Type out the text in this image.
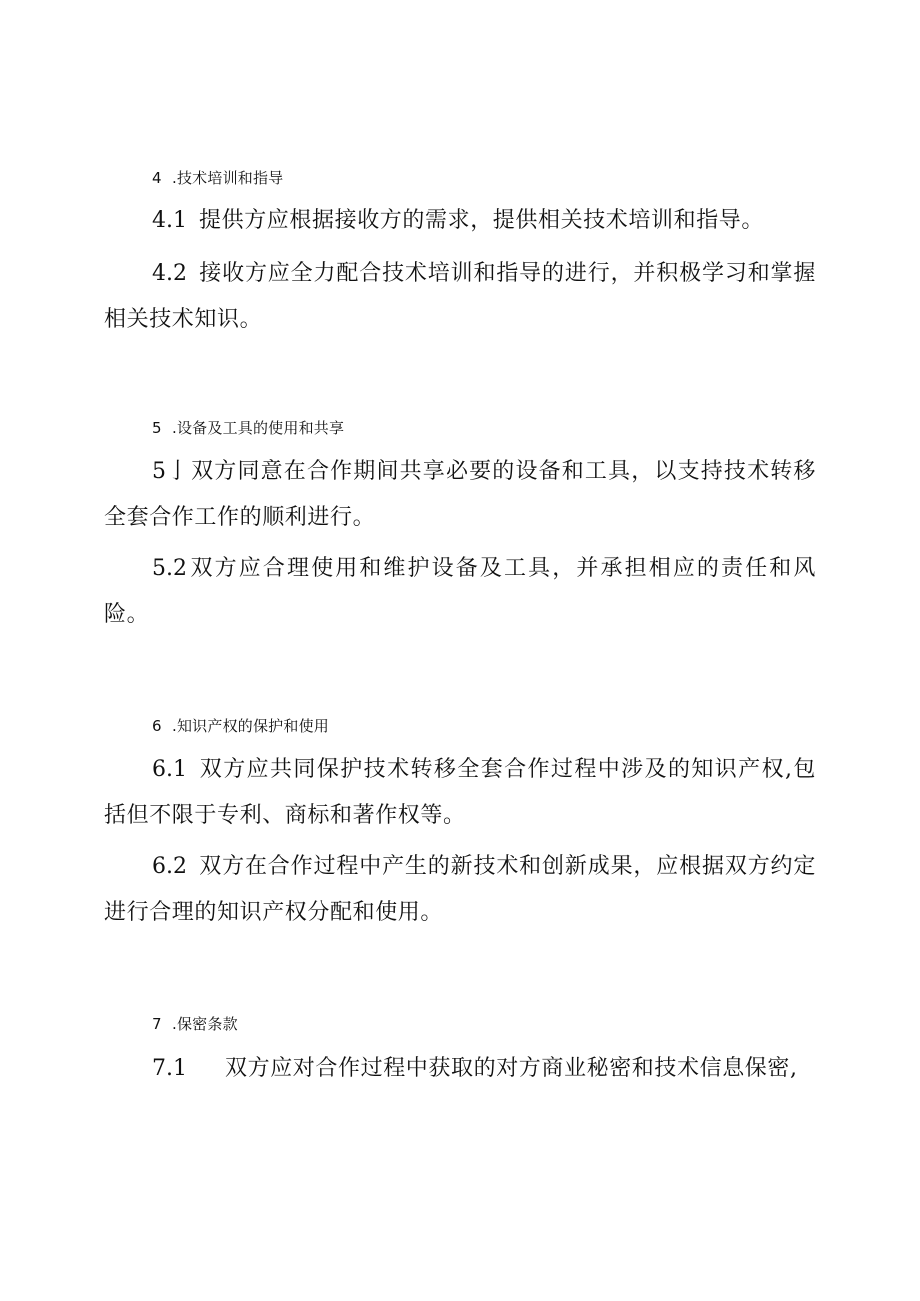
4 .技术培训和指导

4.1 提供方应根据接收方的需求，提供相关技术培训和指导。

4.2 接收方应全力配合技术培训和指导的进行，并积极学习和掌握相关技术知识。

5 .设备及工具的使用和共享

5亅双方同意在合作期间共享必要的设备和工具，以支持技术转移全套合作工作的顺利进行。

5.2双方应合理使用和维护设备及工具，并承担相应的责任和风险。

6 .知识产权的保护和使用

6.1 双方应共同保护技术转移全套合作过程中涉及的知识产权,包括但不限于专利、商标和著作权等。

6.2 双方在合作过程中产生的新技术和创新成果，应根据双方约定进行合理的知识产权分配和使用。

7 .保密条款

7.1 双方应对合作过程中获取的对方商业秘密和技术信息保密,
